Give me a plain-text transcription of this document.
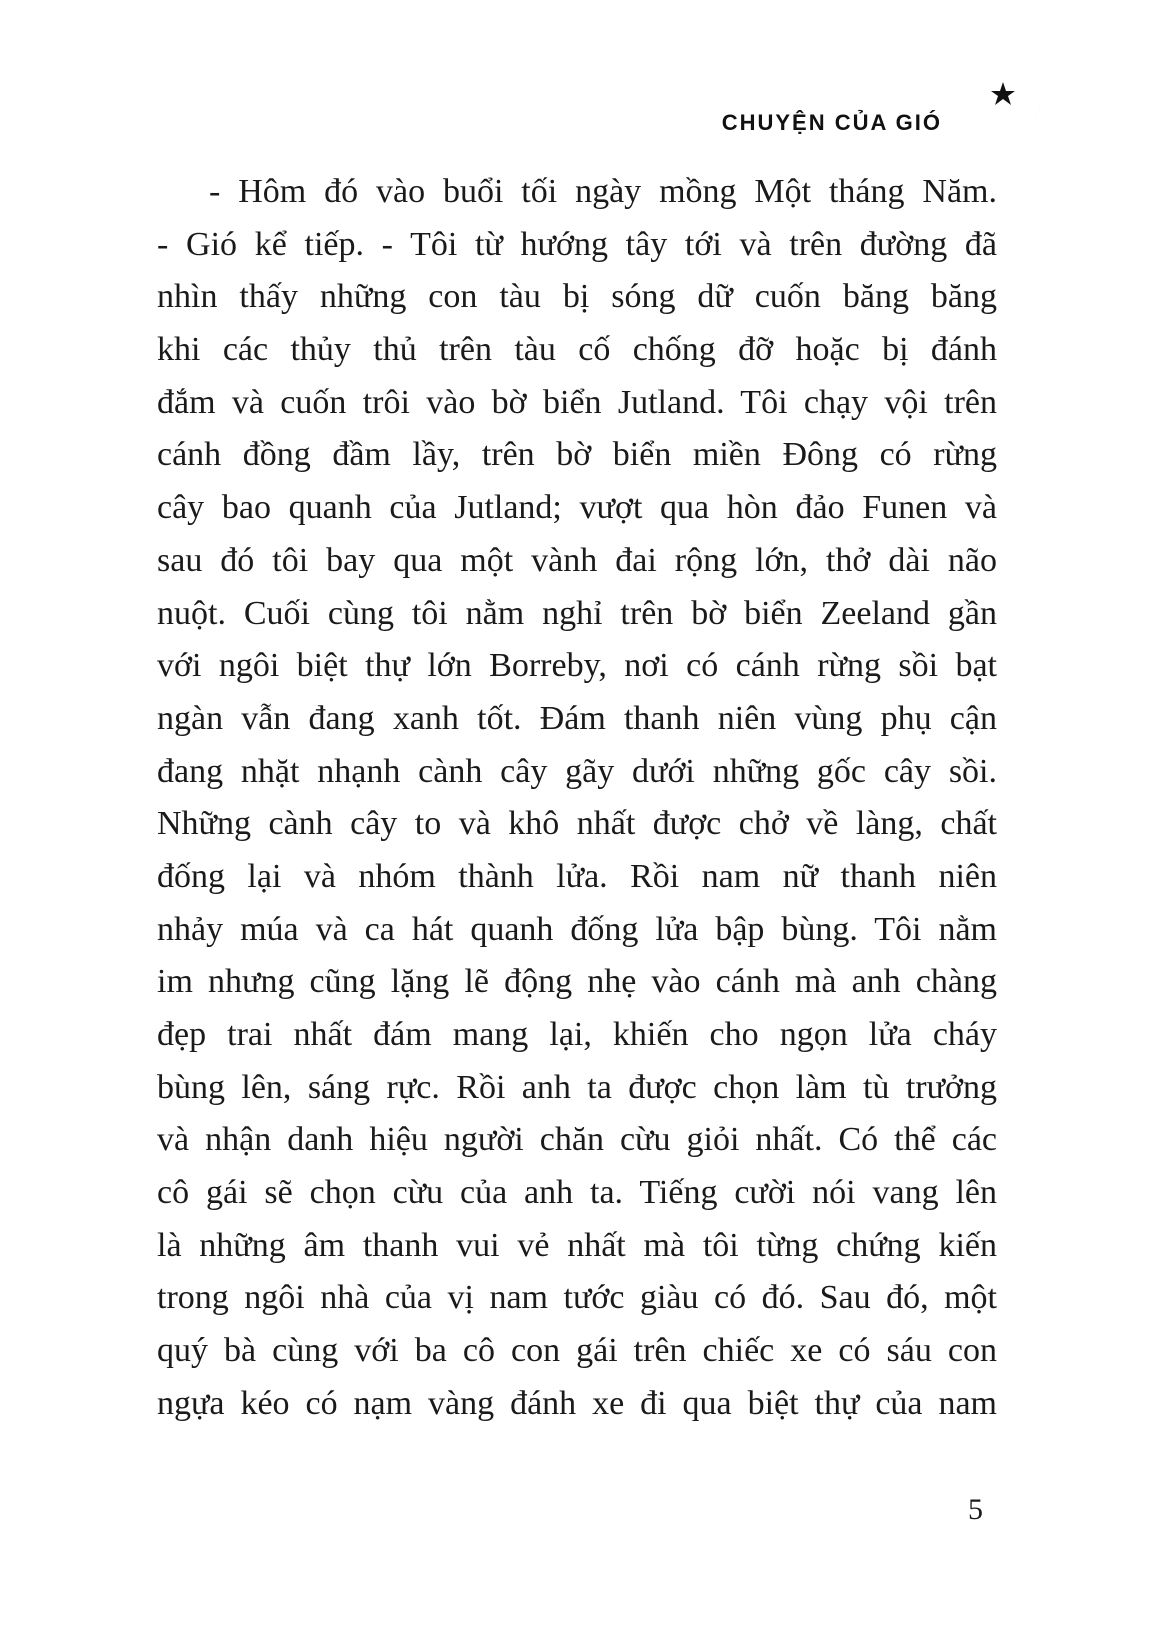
CHUYỆN CỦA GIÓ
- Hôm đó vào buổi tối ngày mồng Một tháng Năm.
- Gió kể tiếp. - Tôi từ hướng tây tới và trên đường đã
nhìn thấy những con tàu bị sóng dữ cuốn băng băng
khi các thủy thủ trên tàu cố chống đỡ hoặc bị đánh
đắm và cuốn trôi vào bờ biển Jutland. Tôi chạy vội trên
cánh đồng đầm lầy, trên bờ biển miền Đông có rừng
cây bao quanh của Jutland; vượt qua hòn đảo Funen và
sau đó tôi bay qua một vành đai rộng lớn, thở dài não
nuột. Cuối cùng tôi nằm nghỉ trên bờ biển Zeeland gần
với ngôi biệt thự lớn Borreby, nơi có cánh rừng sồi bạt
ngàn vẫn đang xanh tốt. Đám thanh niên vùng phụ cận
đang nhặt nhạnh cành cây gãy dưới những gốc cây sồi.
Những cành cây to và khô nhất được chở về làng, chất
đống lại và nhóm thành lửa. Rồi nam nữ thanh niên
nhảy múa và ca hát quanh đống lửa bập bùng. Tôi nằm
im nhưng cũng lặng lẽ động nhẹ vào cánh mà anh chàng
đẹp trai nhất đám mang lại, khiến cho ngọn lửa cháy
bùng lên, sáng rực. Rồi anh ta được chọn làm tù trưởng
và nhận danh hiệu người chăn cừu giỏi nhất. Có thể các
cô gái sẽ chọn cừu của anh ta. Tiếng cười nói vang lên
là những âm thanh vui vẻ nhất mà tôi từng chứng kiến
trong ngôi nhà của vị nam tước giàu có đó. Sau đó, một
quý bà cùng với ba cô con gái trên chiếc xe có sáu con
ngựa kéo có nạm vàng đánh xe đi qua biệt thự của nam
5
